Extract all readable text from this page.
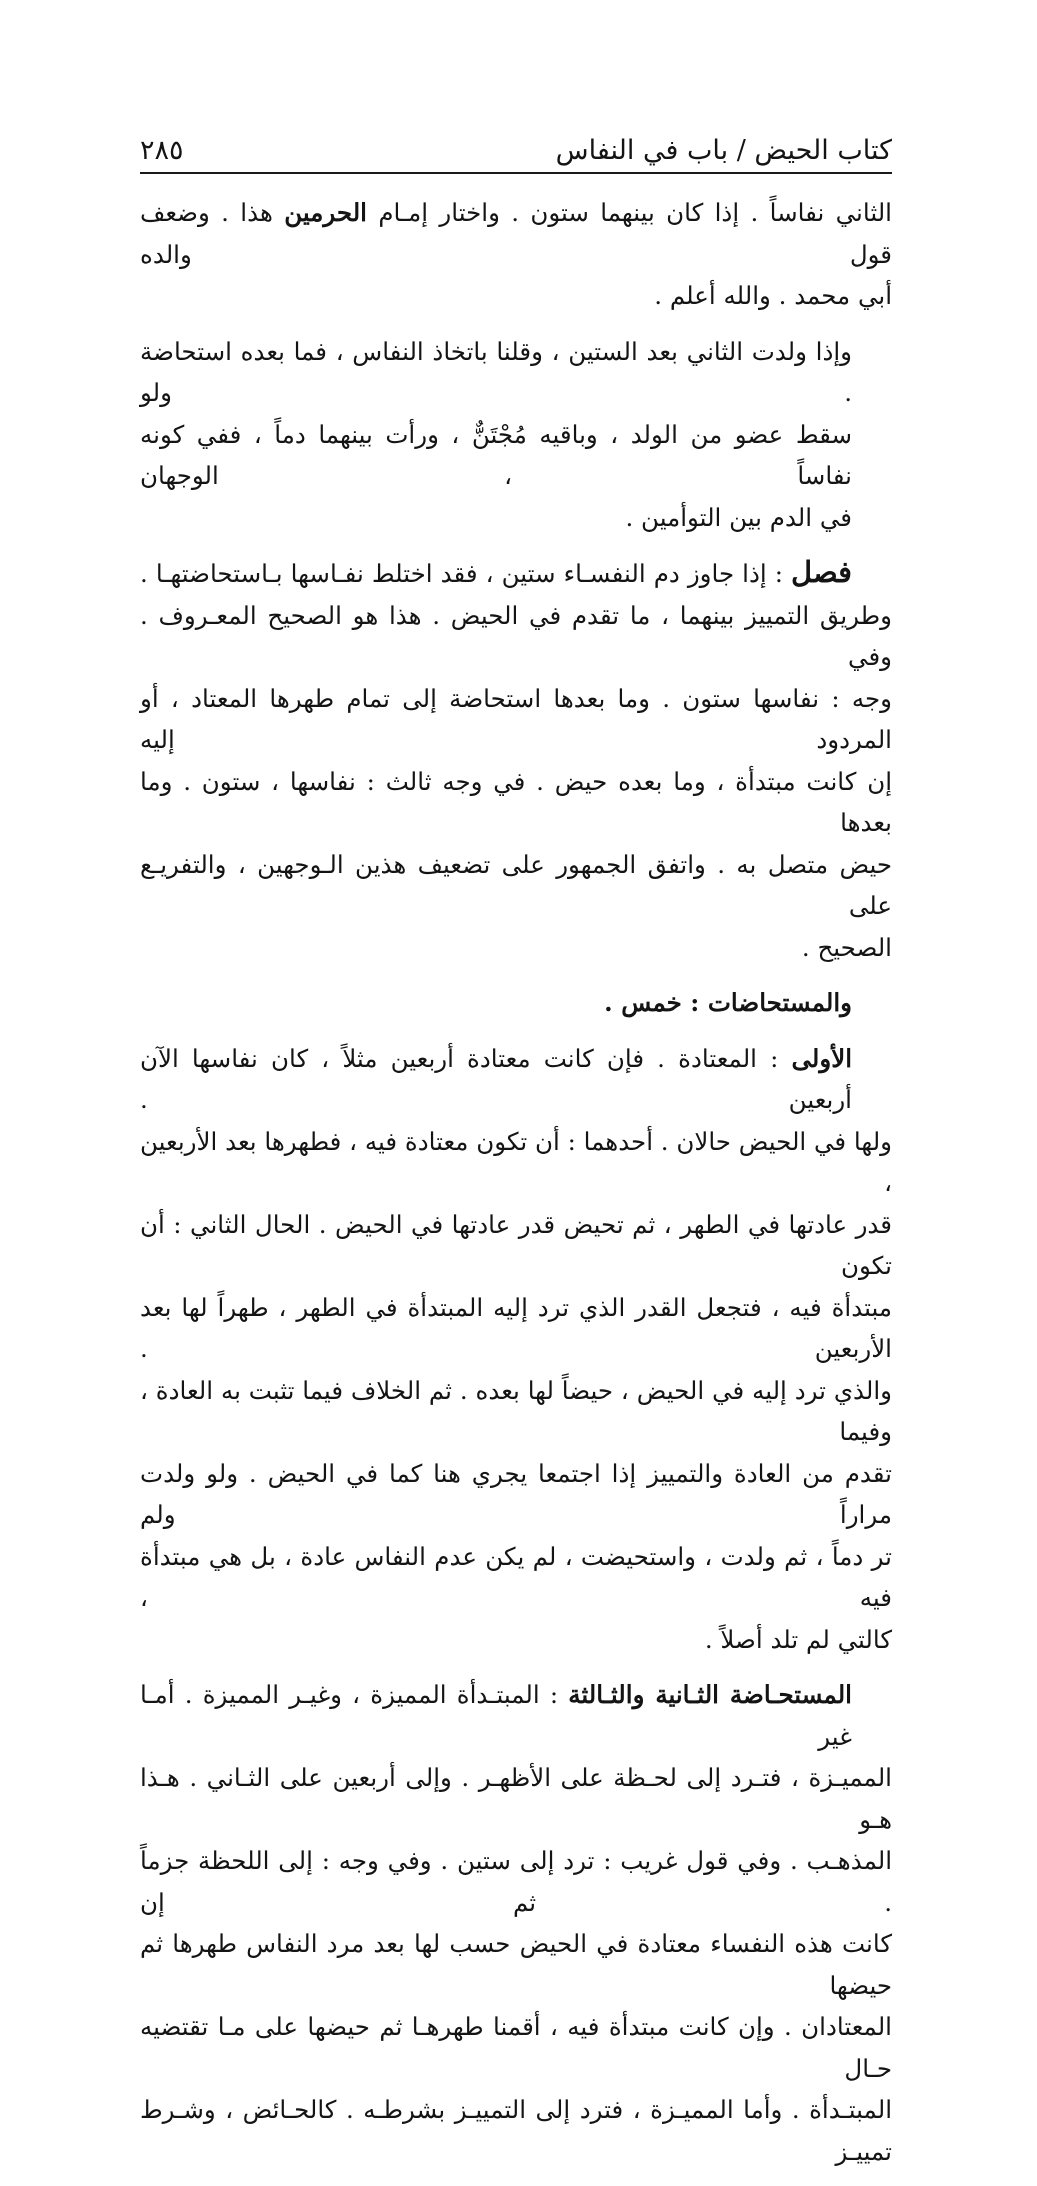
كتاب الحيض / باب في النفاس
٢٨٥

الثاني نفاساً . إذا كان بينهما ستون . واختار إمـام الحرمين هذا . وضعف قول والده
أبي محمد . والله أعلم .

وإذا ولدت الثاني بعد الستين ، وقلنا باتخاذ النفاس ، فما بعده استحاضة . ولو
سقط عضو من الولد ، وباقيه مُجْتَنٌّ ، ورأت بينهما دماً ، ففي كونه نفاساً ، الوجهان
في الدم بين التوأمين .

فصل : إذا جاوز دم النفسـاء ستين ، فقد اختلط نفـاسها بـاستحاضتهـا .
وطريق التمييز بينهما ، ما تقدم في الحيض . هذا هو الصحيح المعـروف . وفي
وجه : نفاسها ستون . وما بعدها استحاضة إلى تمام طهرها المعتاد ، أو المردود إليه
إن كانت مبتدأة ، وما بعده حيض . في وجه ثالث : نفاسها ، ستون . وما بعدها
حيض متصل به . واتفق الجمهور على تضعيف هذين الـوجهين ، والتفريـع على
الصحيح .

والمستحاضات : خمس .

الأولى : المعتادة . فإن كانت معتادة أربعين مثلاً ، كان نفاسها الآن أربعين .
ولها في الحيض حالان . أحدهما : أن تكون معتادة فيه ، فطهرها بعد الأربعين ،
قدر عادتها في الطهر ، ثم تحيض قدر عادتها في الحيض . الحال الثاني : أن تكون
مبتدأة فيه ، فتجعل القدر الذي ترد إليه المبتدأة في الطهر ، طهراً لها بعد الأربعين .
والذي ترد إليه في الحيض ، حيضاً لها بعده . ثم الخلاف فيما تثبت به العادة ، وفيما
تقدم من العادة والتمييز إذا اجتمعا يجري هنا كما في الحيض . ولو ولدت مراراً ولم
تر دماً ، ثم ولدت ، واستحيضت ، لم يكن عدم النفاس عادة ، بل هي مبتدأة فيه ،
كالتي لم تلد أصلاً .

المستحـاضة الثـانية والثـالثة : المبتـدأة المميزة ، وغيـر المميزة . أمـا غير
المميـزة ، فتـرد إلى لحـظة على الأظهـر . وإلى أربعين على الثـاني . هـذا هـو
المذهـب . وفي قول غريب : ترد إلى ستين . وفي وجه : إلى اللحظة جزماً . ثم إن
كانت هذه النفساء معتادة في الحيض حسب لها بعد مرد النفاس طهرها ثم حيضها
المعتادان . وإن كانت مبتدأة فيه ، أقمنا طهرهـا ثم حيضها على مـا تقتضيه حـال
المبتـدأة . وأما المميـزة ، فترد إلى التمييـز بشرطـه . كالحـائض ، وشـرط تمييـز
